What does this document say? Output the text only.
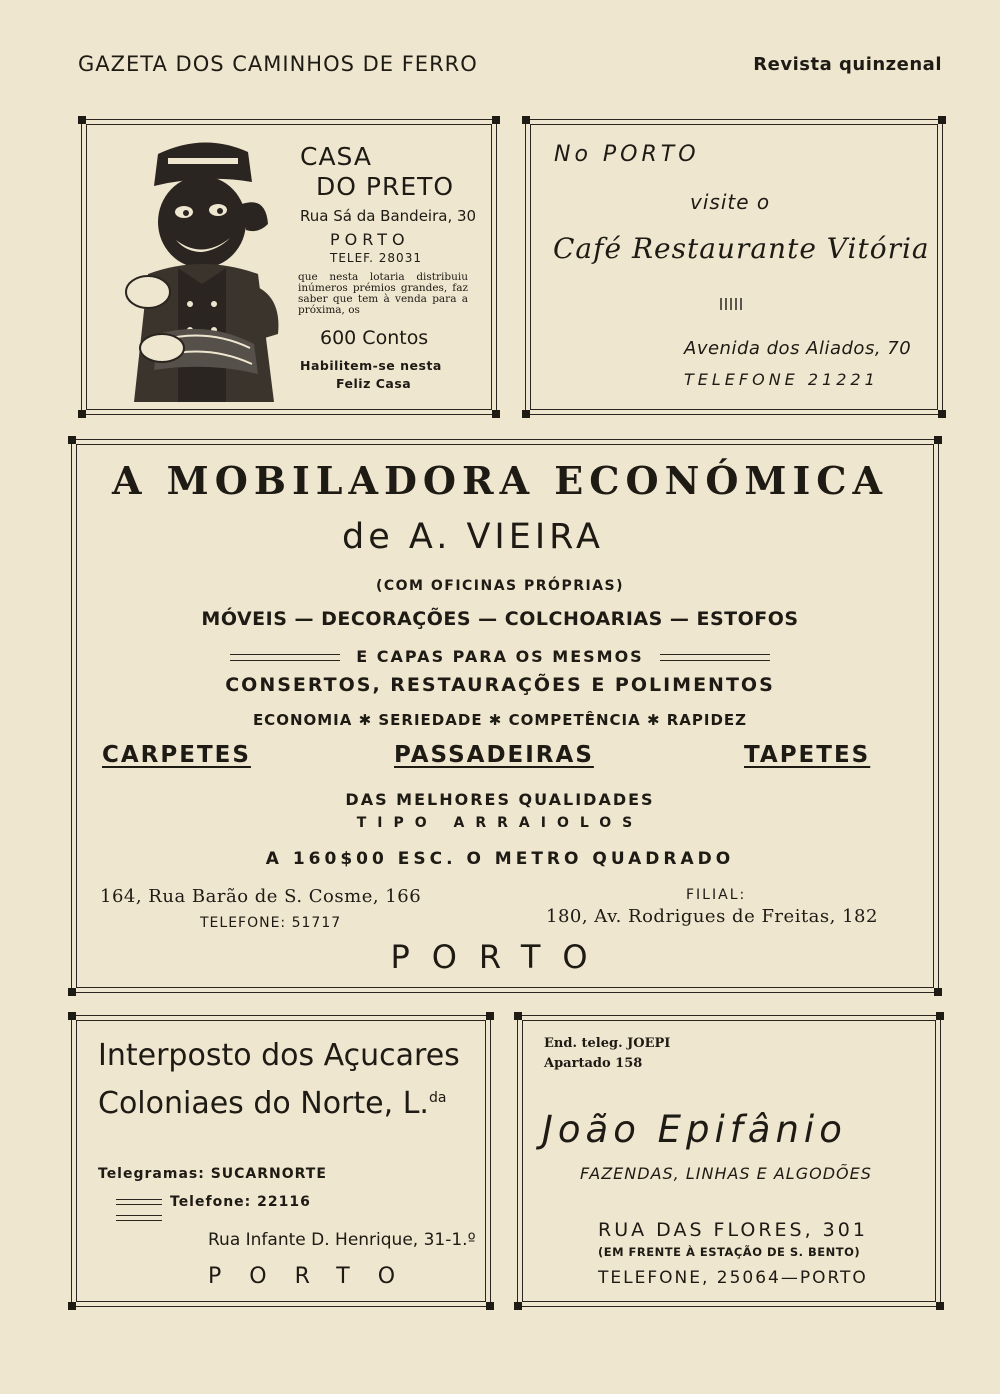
GAZETA DOS CAMINHOS DE FERRO	Revista quinzenal
CASA
DO PRETO
Rua Sá da Bandeira, 30
PORTO
TELEF. 28031
que nesta lotaria distribuiu inúmeros prémios grandes, faz saber que tem à venda para a próxima, os
600 Contos
Habilitem-se nesta
Feliz Casa
No PORTO
visite o
Café Restaurante Vitória
Avenida dos Aliados, 70
TELEFONE 21221
A MOBILADORA ECONÓMICA
de A. VIEIRA
(COM OFICINAS PRÓPRIAS)
MÓVEIS — DECORAÇÕES — COLCHOARIAS — ESTOFOS
E CAPAS PARA OS MESMOS
CONSERTOS, RESTAURAÇÕES E POLIMENTOS
ECONOMIA ✱ SERIEDADE ✱ COMPETÊNCIA ✱ RAPIDEZ
CARPETES	PASSADEIRAS	TAPETES
DAS MELHORES QUALIDADES
TIPO ARRAIOLOS
A 160$00 ESC. O METRO QUADRADO
164, Rua Barão de S. Cosme, 166
TELEFONE: 51717
FILIAL:
180, Av. Rodrigues de Freitas, 182
PORTO
Interposto dos Açucares
Coloniaes do Norte, L.$^{da}$
Telegramas: SUCARNORTE
Telefone: 22116
Rua Infante D. Henrique, 31-1.º
PORTO
End. teleg. JOEPI
Apartado 158
João Epifânio
FAZENDAS, LINHAS E ALGODÕES
RUA DAS FLORES, 301
(EM FRENTE À ESTAÇÃO DE S. BENTO)
TELEFONE, 25064—PORTO
